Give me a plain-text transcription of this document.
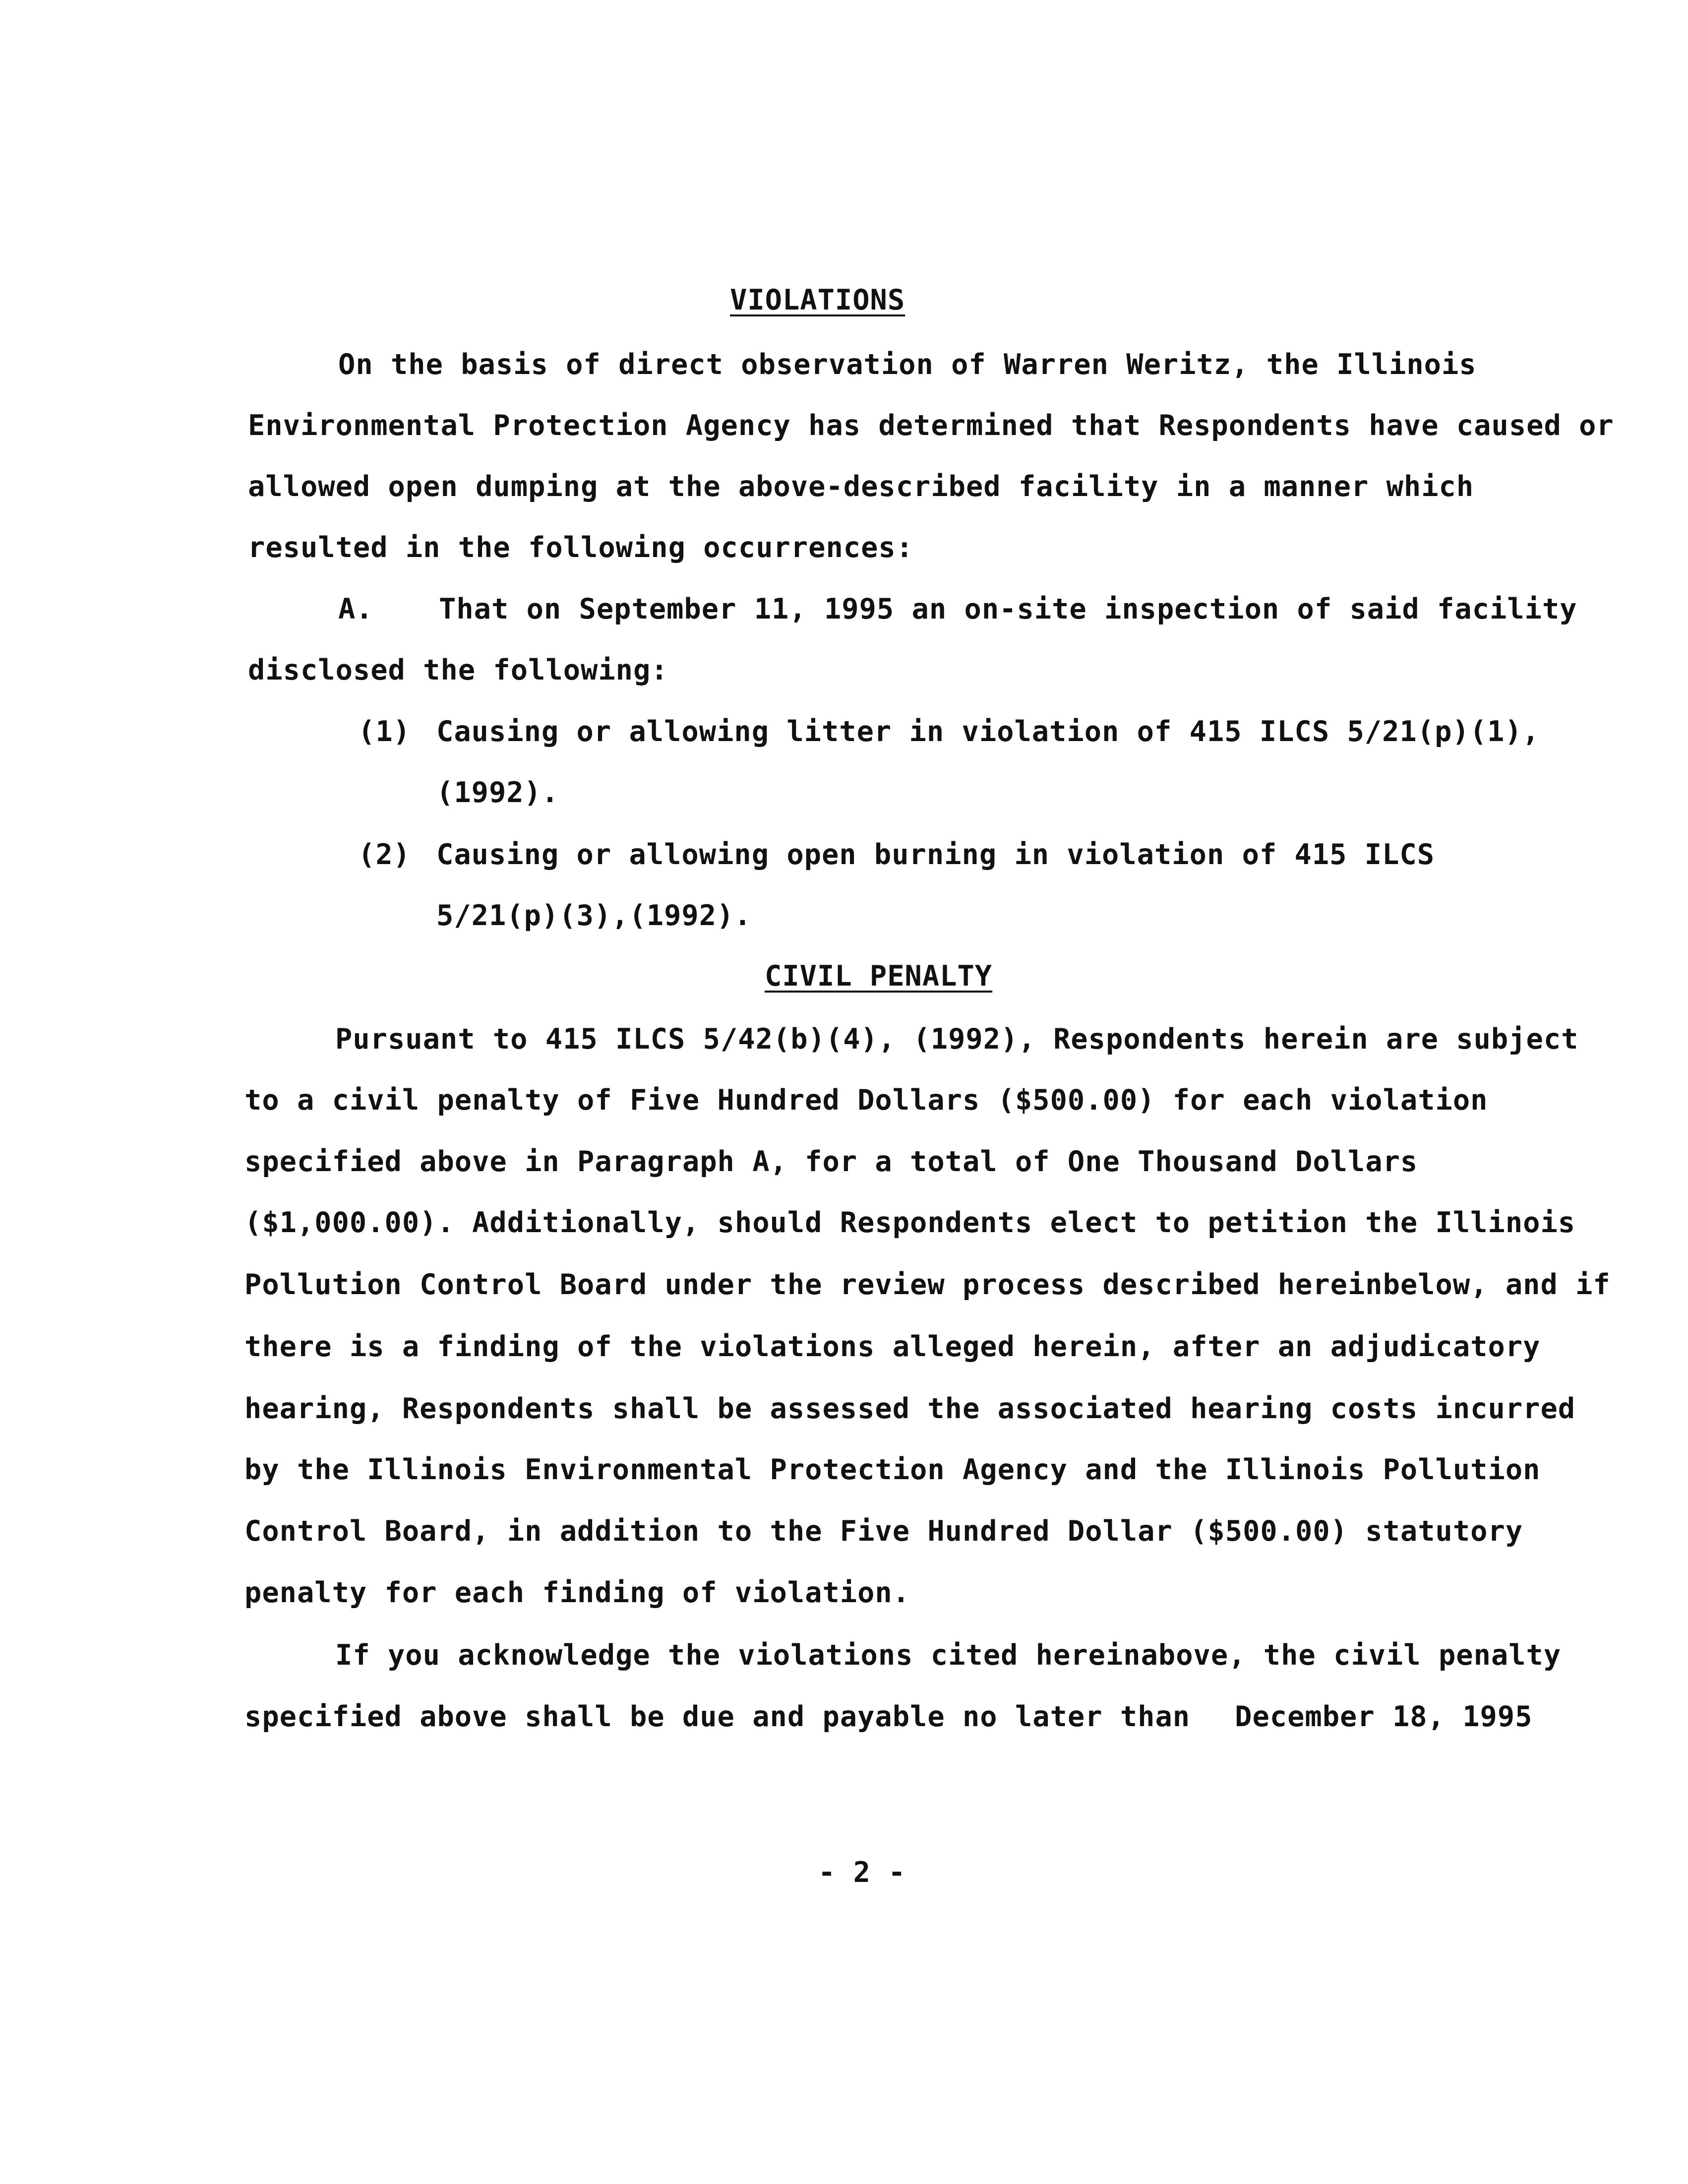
VIOLATIONS
On the basis of direct observation of Warren Weritz, the Illinois
Environmental Protection Agency has determined that Respondents have caused or
allowed open dumping at the above-described facility in a manner which
resulted in the following occurrences:
A. That on September 11, 1995 an on-site inspection of said facility
disclosed the following:
(1) Causing or allowing litter in violation of 415 ILCS 5/21(p)(1),
(1992).
(2) Causing or allowing open burning in violation of 415 ILCS
5/21(p)(3),(1992).
CIVIL PENALTY
Pursuant to 415 ILCS 5/42(b)(4), (1992), Respondents herein are subject
to a civil penalty of Five Hundred Dollars ($500.00) for each violation
specified above in Paragraph A, for a total of One Thousand Dollars
($1,000.00). Additionally, should Respondents elect to petition the Illinois
Pollution Control Board under the review process described hereinbelow, and if
there is a finding of the violations alleged herein, after an adjudicatory
hearing, Respondents shall be assessed the associated hearing costs incurred
by the Illinois Environmental Protection Agency and the Illinois Pollution
Control Board, in addition to the Five Hundred Dollar ($500.00) statutory
penalty for each finding of violation.
If you acknowledge the violations cited hereinabove, the civil penalty
specified above shall be due and payable no later than December 18, 1995
- 2 -
